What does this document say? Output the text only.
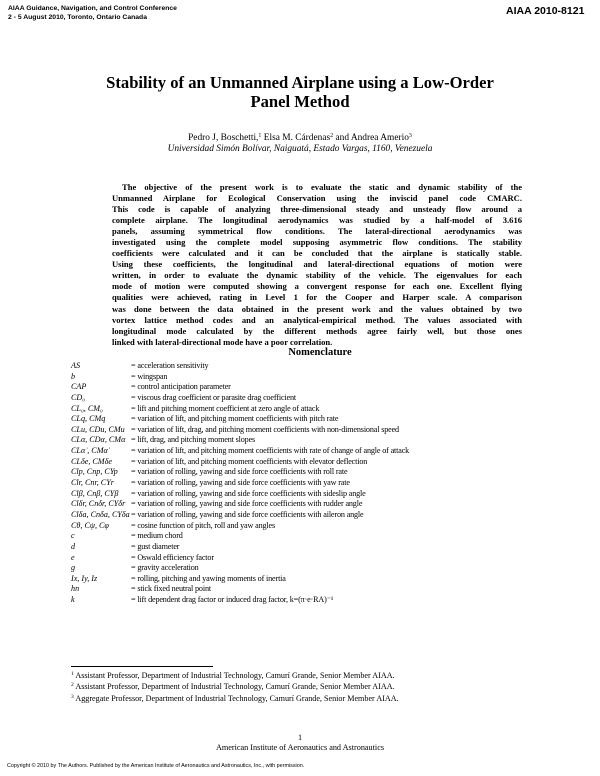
AIAA Guidance, Navigation, and Control Conference
2 - 5 August 2010, Toronto, Ontario Canada	AIAA 2010-8121
Stability of an Unmanned Airplane using a Low-Order
Panel Method
Pedro J, Boschetti,$^1$ Elsa M. Cárdenas$^2$ and Andrea Amerio$^3$
Universidad Simón Bolívar, Naiguatá, Estado Vargas, 1160, Venezuela
The objective of the present work is to evaluate the static and dynamic stability of the
Unmanned Airplane for Ecological Conservation using the inviscid panel code CMARC.
This code is capable of analyzing three-dimensional steady and unsteady flow around a
complete airplane. The longitudinal aerodynamics was studied by a half-model of 3.616
panels, assuming symmetrical flow conditions. The lateral-directional aerodynamics was
investigated using the complete model supposing asymmetric flow conditions. The stability
coefficients were calculated and it can be concluded that the airplane is statically stable.
Using these coefficients, the longitudinal and lateral-directional equations of motion were
written, in order to evaluate the dynamic stability of the vehicle. The eigenvalues for each
mode of motion were computed showing a convergent response for each one. Excellent flying
qualities were achieved, rating in Level 1 for the Cooper and Harper scale. A comparison
was done between the data obtained in the present work and the values obtained by two
vortex lattice method codes and an analytical-empirical method. The values associated with
longitudinal mode calculated by the different methods agree fairly well, but those ones
linked with lateral-directional mode have a poor correlation.
Nomenclature
AS	= acceleration sensitivity
b	= wingspan
CAP	= control anticipation parameter
CD₀	= viscous drag coefficient or parasite drag coefficient
CL₀, CM₀	= lift and pitching moment coefficient at zero angle of attack
CLq, CMq	= variation of lift, and pitching moment coefficients with pitch rate
CLu, CDu, CMu = variation of lift, drag, and pitching moment coefficients with non-dimensional speed
CLα, CDα, CMα = lift, drag, and pitching moment slopes
CLα̇ , CMα̇	= variation of lift, and pitching moment coefficients with rate of change of angle of attack
CLδe, CMδe = variation of lift, and pitching moment coefficients with elevator deflection
Clp, Cnp, CYp = variation of rolling, yawing and side force coefficients with roll rate
Clr, Cnr, CYr = variation of rolling, yawing and side force coefficients with yaw rate
Clβ, Cnβ, CYβ = variation of rolling, yawing and side force coefficients with sideslip angle
Clδr, Cnδr, CYδr = variation of rolling, yawing and side force coefficients with rudder angle
Clδa, Cnδa, CYδa = variation of rolling, yawing and side force coefficients with aileron angle
Cθ, Cψ, Cφ	= cosine function of pitch, roll and yaw angles
c	= medium chord
d	= gust diameter
e	= Oswald efficiency factor
g	= gravity acceleration
Ix, Iy, Iz	= rolling, pitching and yawing moments of inertia
hn	= stick fixed neutral point
k	= lift dependent drag factor or induced drag factor, k=(π·e·RA)⁻¹
$^1$ Assistant Professor, Department of Industrial Technology, Camurí Grande, Senior Member AIAA.
$^2$ Assistant Professor, Department of Industrial Technology, Camurí Grande, Senior Member AIAA.
$^3$ Aggregate Professor, Department of Industrial Technology, Camurí Grande, Senior Member AIAA.
1
American Institute of Aeronautics and Astronautics
Copyright © 2010 by The Authors. Published by the American Institute of Aeronautics and Astronautics, Inc., with permission.
